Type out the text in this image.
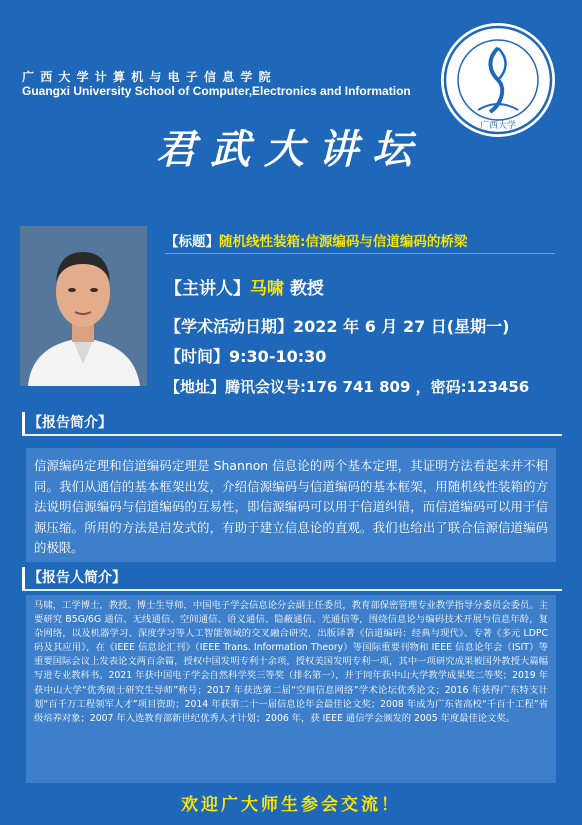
广西大学计算机与电子信息学院
Guangxi University School of Computer,Electronics and Information
广西大学
君武大讲坛
【标题】随机线性装箱:信源编码与信道编码的桥梁
【主讲人】马啸 教授
【学术活动日期】2022 年 6 月 27 日(星期一)
【时间】9:30-10:30
【地址】腾讯会议号:176 741 809 ，密码:123456
【报告简介】
信源编码定理和信道编码定理是 Shannon 信息论的两个基本定理，其证明方法看起来并不相同。我们从通信的基本框架出发，介绍信源编码与信道编码的基本框架，用随机线性装箱的方法说明信源编码与信道编码的互易性，即信源编码可以用于信道纠错，而信道编码可以用于信源压缩。所用的方法是启发式的，有助于建立信息论的直观。我们也给出了联合信源信道编码的极限。
【报告人简介】
马啸，工学博士，教授、博士生导师，中国电子学会信息论分会副主任委员，教育部保密管理专业教学指导分委员会委员。主要研究 B5G/6G 通信、无线通信、空间通信、语义通信、隐蔽通信、光通信等，围绕信息论与编码技术开展与信息年龄，复杂网络，以及机器学习、深度学习等人工智能领域的交叉融合研究，出版译著《信道编码：经典与现代》、专著《多元 LDPC 码及其应用》，在《IEEE 信息论汇刊》（IEEE Trans. Information Theory）等国际重要刊物和 IEEE 信息论年会（ISIT）等重要国际会议上发表论文两百余篇，授权中国发明专利十余项，授权美国发明专利一项，其中一项研究成果被国外教授大篇幅写进专业教科书。2021 年获中国电子学会自然科学奖三等奖（排名第一），并于同年获中山大学教学成果奖二等奖；2019 年获中山大学“优秀硕士研究生导师”称号；2017 年获选第二届“空间信息网络”学术论坛优秀论文；2016 年获得广东特支计划“百千万工程领军人才”项目资助；2014 年获第二十一届信息论年会最佳论文奖；2008 年成为广东省高校“千百十工程”省级培养对象；2007 年入选教育部新世纪优秀人才计划；2006 年，获 IEEE 通信学会颁发的 2005 年度最佳论文奖。
欢迎广大师生参会交流！
